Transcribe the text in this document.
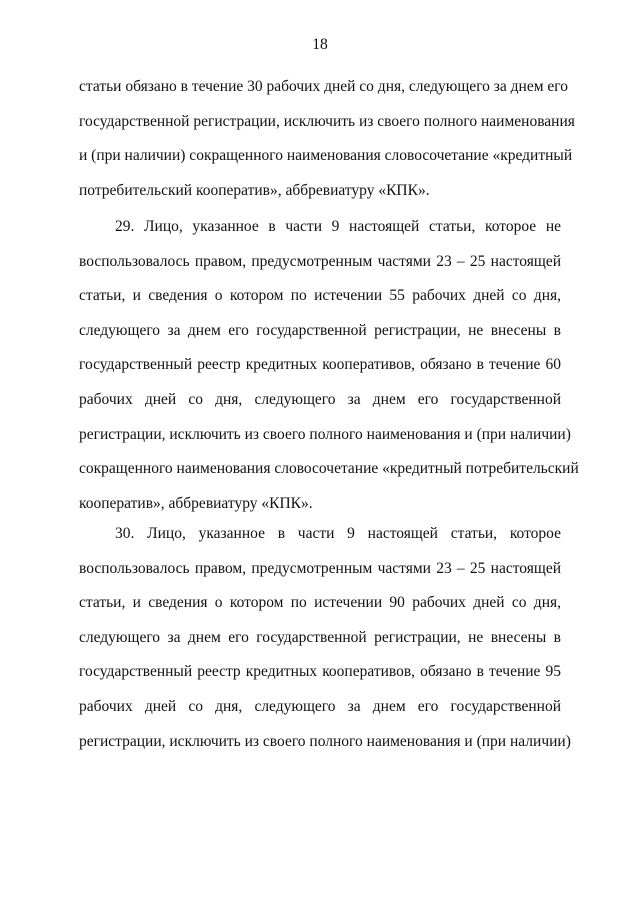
18
статьи обязано в течение 30 рабочих дней со дня, следующего за днем его
государственной регистрации, исключить из своего полного наименования
и (при наличии) сокращенного наименования словосочетание «кредитный
потребительский кооператив», аббревиатуру «КПК».
29. Лицо, указанное в части 9 настоящей статьи, которое не
воспользовалось правом, предусмотренным частями 23 – 25 настоящей
статьи, и сведения о котором по истечении 55 рабочих дней со дня,
следующего за днем его государственной регистрации, не внесены в
государственный реестр кредитных кооперативов, обязано в течение 60
рабочих дней со дня, следующего за днем его государственной
регистрации, исключить из своего полного наименования и (при наличии)
сокращенного наименования словосочетание «кредитный потребительский
кооператив», аббревиатуру «КПК».
30. Лицо, указанное в части 9 настоящей статьи, которое
воспользовалось правом, предусмотренным частями 23 – 25 настоящей
статьи, и сведения о котором по истечении 90 рабочих дней со дня,
следующего за днем его государственной регистрации, не внесены в
государственный реестр кредитных кооперативов, обязано в течение 95
рабочих дней со дня, следующего за днем его государственной
регистрации, исключить из своего полного наименования и (при наличии)
